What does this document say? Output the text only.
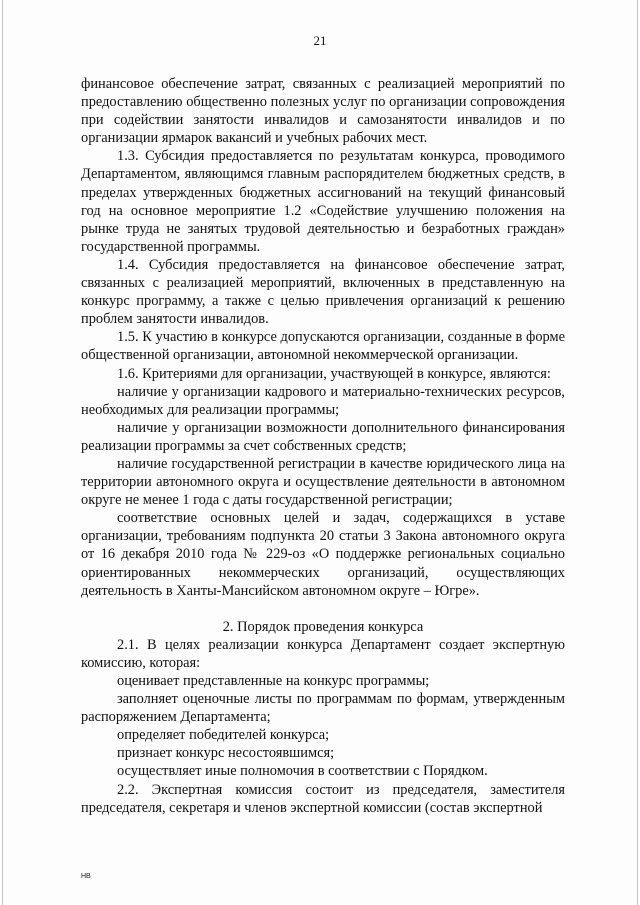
21

финансовое обеспечение затрат, связанных с реализацией мероприятий по предоставлению общественно полезных услуг по организации сопровождения при содействии занятости инвалидов и самозанятости инвалидов и по организации ярмарок вакансий и учебных рабочих мест.

1.3. Субсидия предоставляется по результатам конкурса, проводимого Департаментом, являющимся главным распорядителем бюджетных средств, в пределах утвержденных бюджетных ассигнований на текущий финансовый год на основное мероприятие 1.2 «Содействие улучшению положения на рынке труда не занятых трудовой деятельностью и безработных граждан» государственной программы.

1.4. Субсидия предоставляется на финансовое обеспечение затрат, связанных с реализацией мероприятий, включенных в представленную на конкурс программу, а также с целью привлечения организаций к решению проблем занятости инвалидов.

1.5. К участию в конкурсе допускаются организации, созданные в форме общественной организации, автономной некоммерческой организации.

1.6. Критериями для организации, участвующей в конкурсе, являются:

наличие у организации кадрового и материально-технических ресурсов, необходимых для реализации программы;

наличие у организации возможности дополнительного финансирования реализации программы за счет собственных средств;

наличие государственной регистрации в качестве юридического лица на территории автономного округа и осуществление деятельности в автономном округе не менее 1 года с даты государственной регистрации;

соответствие основных целей и задач, содержащихся в уставе организации, требованиям подпункта 20 статьи 3 Закона автономного округа от 16 декабря 2010 года № 229-оз «О поддержке региональных социально ориентированных некоммерческих организаций, осуществляющих деятельность в Ханты-Мансийском автономном округе – Югре».

2. Порядок проведения конкурса

2.1. В целях реализации конкурса Департамент создает экспертную комиссию, которая:

оценивает представленные на конкурс программы;

заполняет оценочные листы по программам по формам, утвержденным распоряжением Департамента;

определяет победителей конкурса;

признает конкурс несостоявшимся;

осуществляет иные полномочия в соответствии с Порядком.

2.2. Экспертная комиссия состоит из председателя, заместителя председателя, секретаря и членов экспертной комиссии (состав экспертной

HB
